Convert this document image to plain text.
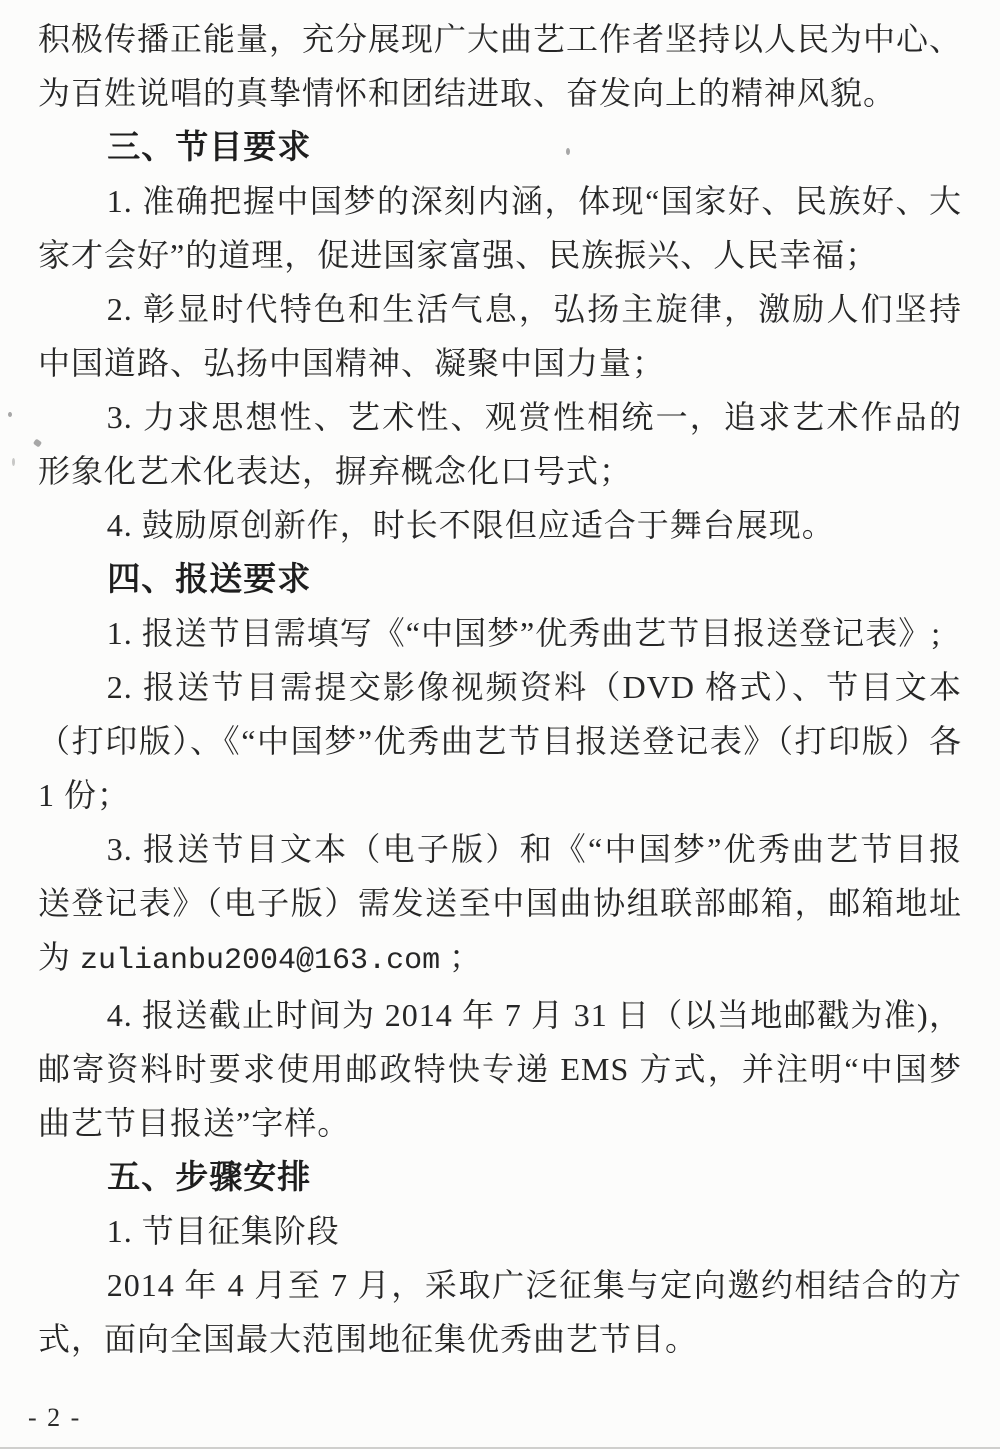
积极传播正能量，充分展现广大曲艺工作者坚持以人民为中心、为百姓说唱的真挚情怀和团结进取、奋发向上的精神风貌。

三、节目要求

1. 准确把握中国梦的深刻内涵，体现“国家好、民族好、大家才会好”的道理，促进国家富强、民族振兴、人民幸福；

2. 彰显时代特色和生活气息，弘扬主旋律，激励人们坚持中国道路、弘扬中国精神、凝聚中国力量；

3. 力求思想性、艺术性、观赏性相统一，追求艺术作品的形象化艺术化表达，摒弃概念化口号式；

4. 鼓励原创新作，时长不限但应适合于舞台展现。

四、报送要求

1. 报送节目需填写《“中国梦”优秀曲艺节目报送登记表》;

2. 报送节目需提交影像视频资料（DVD 格式）、节目文本（打印版）、《“中国梦”优秀曲艺节目报送登记表》（打印版）各 1 份；

3. 报送节目文本（电子版）和《“中国梦”优秀曲艺节目报送登记表》（电子版）需发送至中国曲协组联部邮箱，邮箱地址为 zulianbu2004@163.com ；

4. 报送截止时间为 2014 年 7 月 31 日（以当地邮戳为准)，邮寄资料时要求使用邮政特快专递 EMS 方式，并注明“中国梦曲艺节目报送”字样。

五、步骤安排

1. 节目征集阶段

2014 年 4 月至 7 月，采取广泛征集与定向邀约相结合的方式，面向全国最大范围地征集优秀曲艺节目。

- 2 -
